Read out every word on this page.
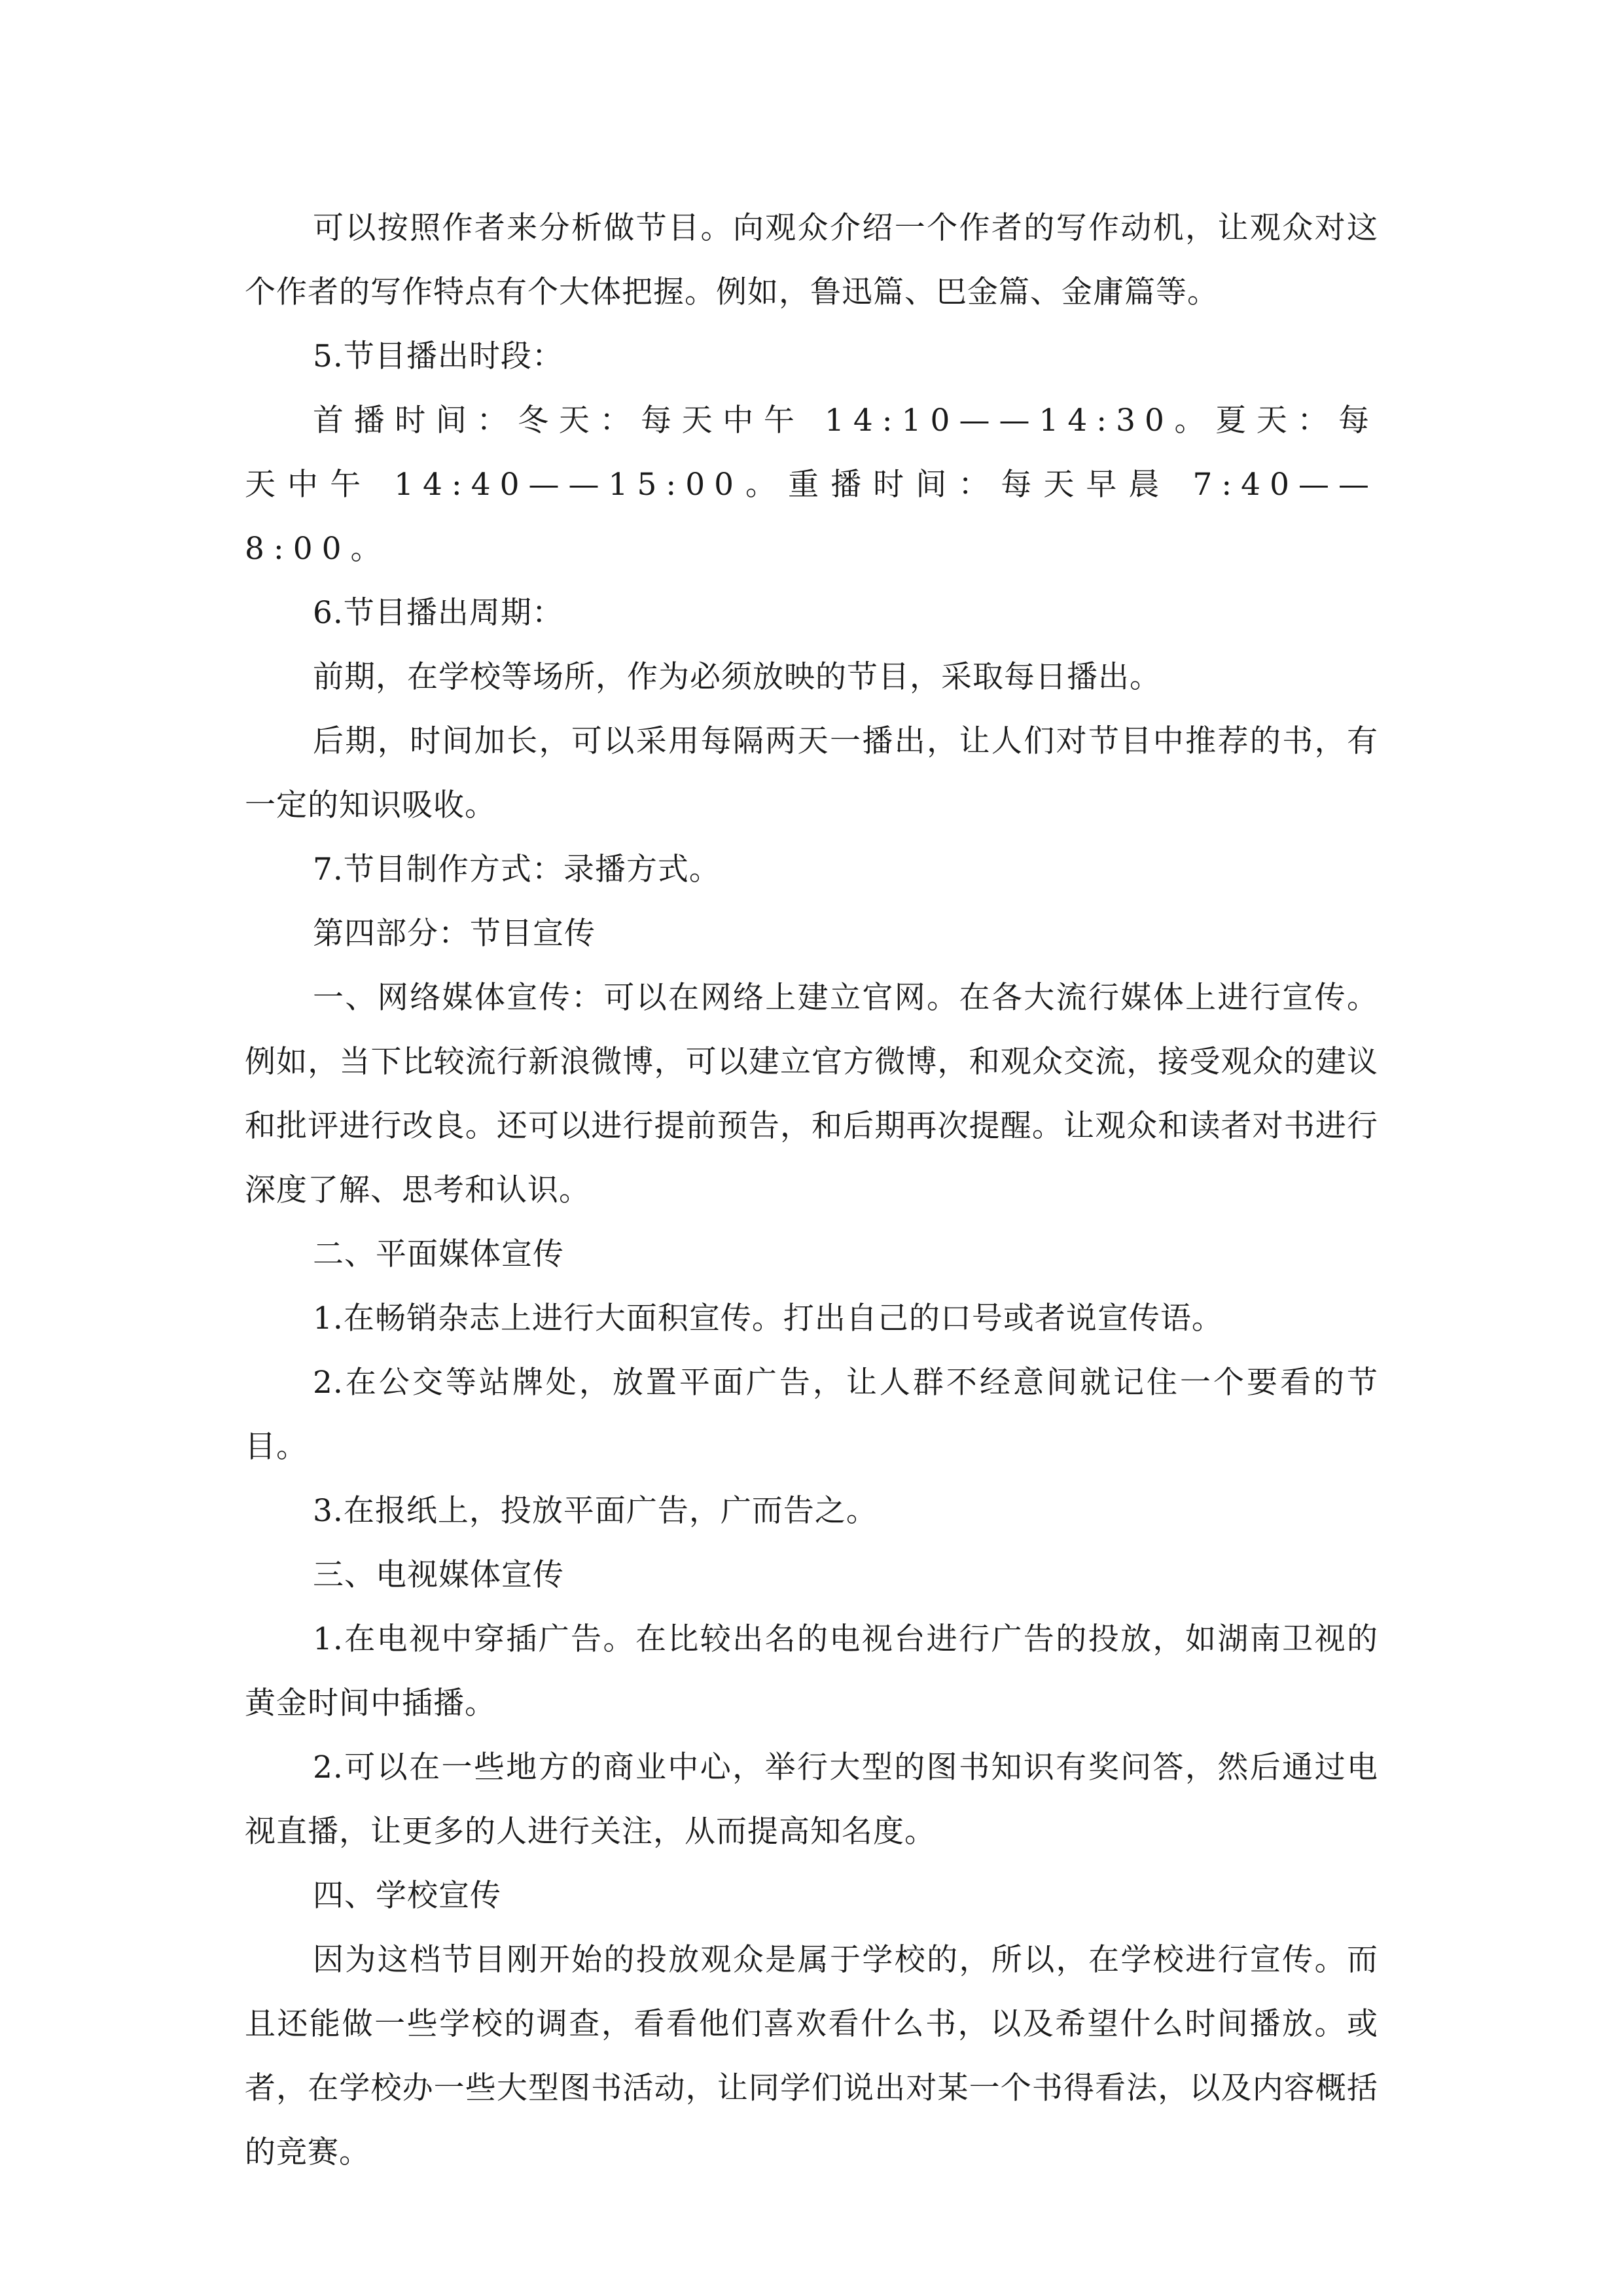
可以按照作者来分析做节目。向观众介绍一个作者的写作动机，让观众对这个作者的写作特点有个大体把握。例如，鲁迅篇、巴金篇、金庸篇等。

5.节目播出时段：

首播时间：冬天：每天中午 14:10——14:30。夏天：每天中午 14:40——15:00。重播时间：每天早晨 7:40——8:00。

6.节目播出周期：

前期，在学校等场所，作为必须放映的节目，采取每日播出。

后期，时间加长，可以采用每隔两天一播出，让人们对节目中推荐的书，有一定的知识吸收。

7.节目制作方式：录播方式。

第四部分：节目宣传

一、网络媒体宣传：可以在网络上建立官网。在各大流行媒体上进行宣传。例如，当下比较流行新浪微博，可以建立官方微博，和观众交流，接受观众的建议和批评进行改良。还可以进行提前预告，和后期再次提醒。让观众和读者对书进行深度了解、思考和认识。

二、平面媒体宣传

1.在畅销杂志上进行大面积宣传。打出自己的口号或者说宣传语。

2.在公交等站牌处，放置平面广告，让人群不经意间就记住一个要看的节目。

3.在报纸上，投放平面广告，广而告之。

三、电视媒体宣传

1.在电视中穿插广告。在比较出名的电视台进行广告的投放，如湖南卫视的黄金时间中插播。

2.可以在一些地方的商业中心，举行大型的图书知识有奖问答，然后通过电视直播，让更多的人进行关注，从而提高知名度。

四、学校宣传

因为这档节目刚开始的投放观众是属于学校的，所以，在学校进行宣传。而且还能做一些学校的调查，看看他们喜欢看什么书，以及希望什么时间播放。或者，在学校办一些大型图书活动，让同学们说出对某一个书得看法，以及内容概括的竞赛。
